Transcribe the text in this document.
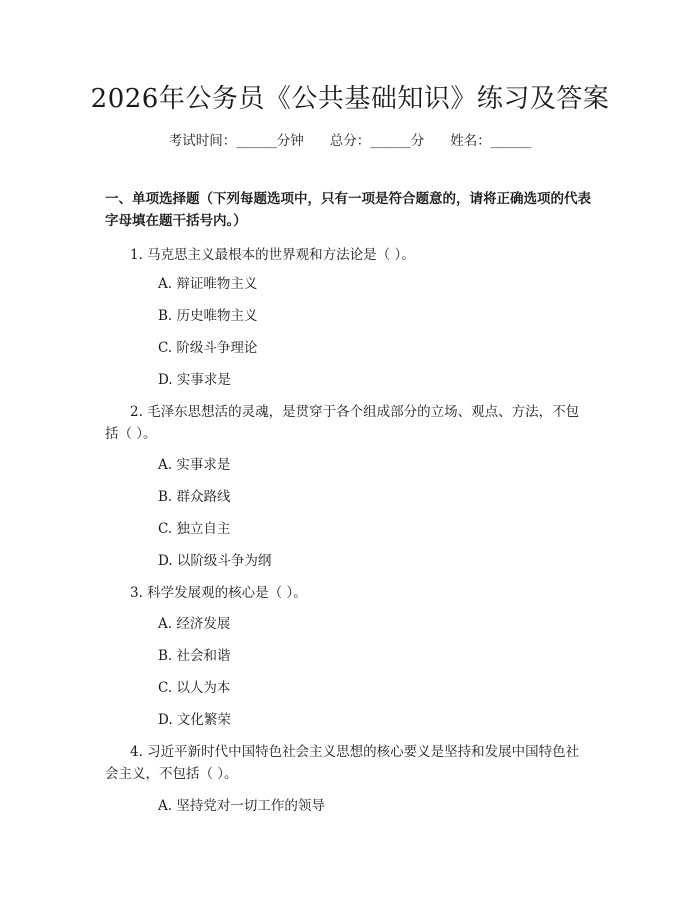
2026年公务员《公共基础知识》练习及答案
考试时间：______分钟 总分：______分 姓名：______
一、单项选择题（下列每题选项中，只有一项是符合题意的，请将正确选项的代表字母填在题干括号内。）
1. 马克思主义最根本的世界观和方法论是（ ）。
A. 辩证唯物主义
B. 历史唯物主义
C. 阶级斗争理论
D. 实事求是
2. 毛泽东思想活的灵魂，是贯穿于各个组成部分的立场、观点、方法，不包
括（ ）。
A. 实事求是
B. 群众路线
C. 独立自主
D. 以阶级斗争为纲
3. 科学发展观的核心是（ ）。
A. 经济发展
B. 社会和谐
C. 以人为本
D. 文化繁荣
4. 习近平新时代中国特色社会主义思想的核心要义是坚持和发展中国特色社
会主义，不包括（ ）。
A. 坚持党对一切工作的领导
